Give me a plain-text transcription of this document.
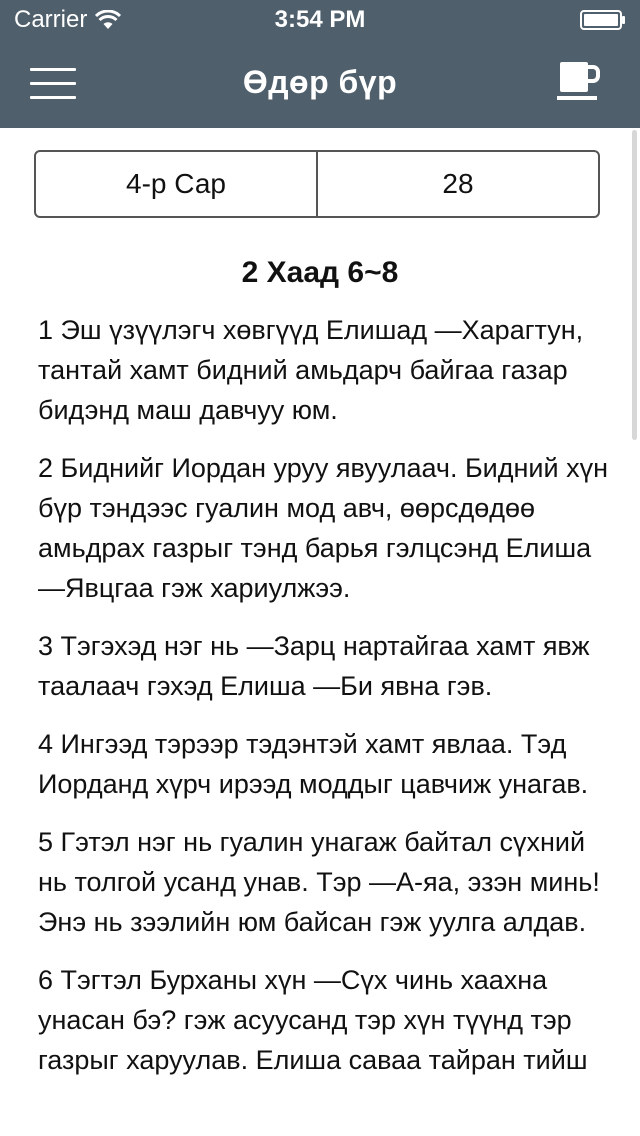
Carrier	3:54 PM
Өдөр бүр
4-р Сар	28
2 Хаад 6~8

1 Эш үзүүлэгч хөвгүүд Елишад —Харагтун, тантай хамт бидний амьдарч байгаа газар бидэнд маш давчуу юм.

2 Биднийг Иордан уруу явуулаач. Бидний хүн бүр тэндээс гуалин мод авч, өөрсдөдөө амьдрах газрыг тэнд барья гэлцсэнд Елиша —Явцгаа гэж хариулжээ.

3 Тэгэхэд нэг нь —Зарц нартайгаа хамт явж таалаач гэхэд Елиша —Би явна гэв.

4 Ингээд тэрээр тэдэнтэй хамт явлаа. Тэд Иорданд хүрч ирээд моддыг цавчиж унагав.

5 Гэтэл нэг нь гуалин унагаж байтал сүхний нь толгой усанд унав. Тэр —А-яа, эзэн минь! Энэ нь зээлийн юм байсан гэж уулга алдав.

6 Тэгтэл Бурханы хүн —Сүх чинь хаахна унасан бэ? гэж асуусанд тэр хүн түүнд тэр газрыг харуулав. Елиша саваа тайран тийш
